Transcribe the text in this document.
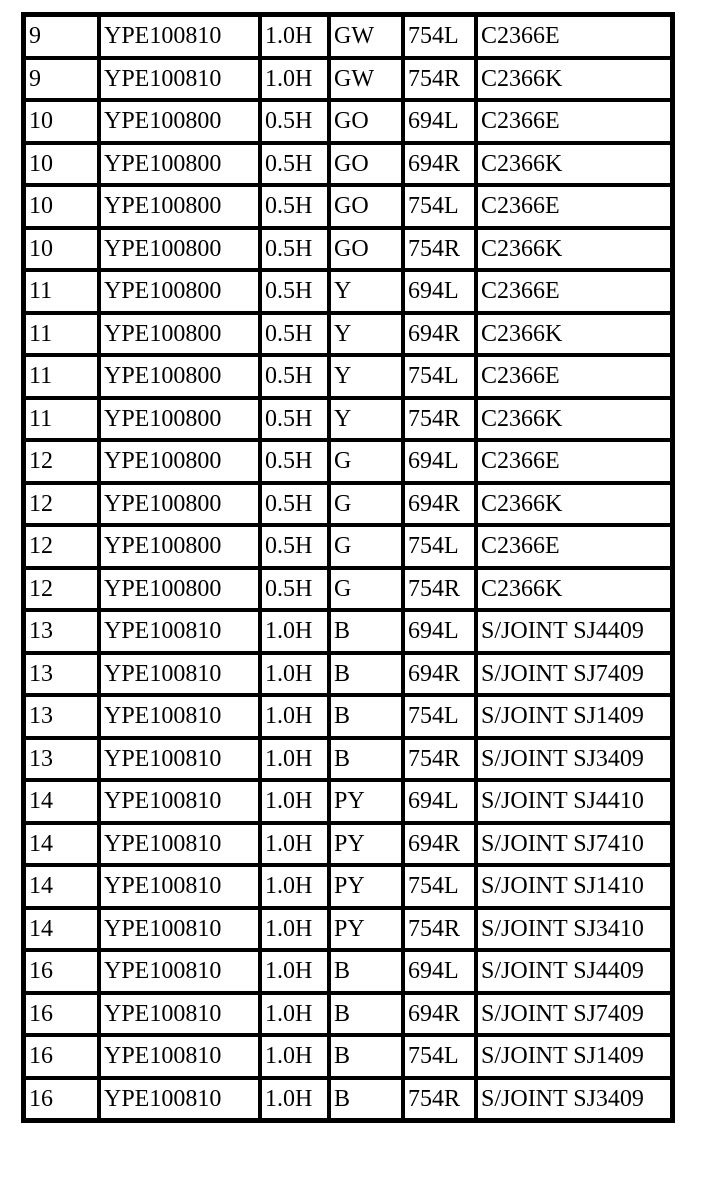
9	YPE100810	1.0H	GW	754L	C2366E
9	YPE100810	1.0H	GW	754R	C2366K
10	YPE100800	0.5H	GO	694L	C2366E
10	YPE100800	0.5H	GO	694R	C2366K
10	YPE100800	0.5H	GO	754L	C2366E
10	YPE100800	0.5H	GO	754R	C2366K
11	YPE100800	0.5H	Y	694L	C2366E
11	YPE100800	0.5H	Y	694R	C2366K
11	YPE100800	0.5H	Y	754L	C2366E
11	YPE100800	0.5H	Y	754R	C2366K
12	YPE100800	0.5H	G	694L	C2366E
12	YPE100800	0.5H	G	694R	C2366K
12	YPE100800	0.5H	G	754L	C2366E
12	YPE100800	0.5H	G	754R	C2366K
13	YPE100810	1.0H	B	694L	S/JOINT SJ4409
13	YPE100810	1.0H	B	694R	S/JOINT SJ7409
13	YPE100810	1.0H	B	754L	S/JOINT SJ1409
13	YPE100810	1.0H	B	754R	S/JOINT SJ3409
14	YPE100810	1.0H	PY	694L	S/JOINT SJ4410
14	YPE100810	1.0H	PY	694R	S/JOINT SJ7410
14	YPE100810	1.0H	PY	754L	S/JOINT SJ1410
14	YPE100810	1.0H	PY	754R	S/JOINT SJ3410
16	YPE100810	1.0H	B	694L	S/JOINT SJ4409
16	YPE100810	1.0H	B	694R	S/JOINT SJ7409
16	YPE100810	1.0H	B	754L	S/JOINT SJ1409
16	YPE100810	1.0H	B	754R	S/JOINT SJ3409
